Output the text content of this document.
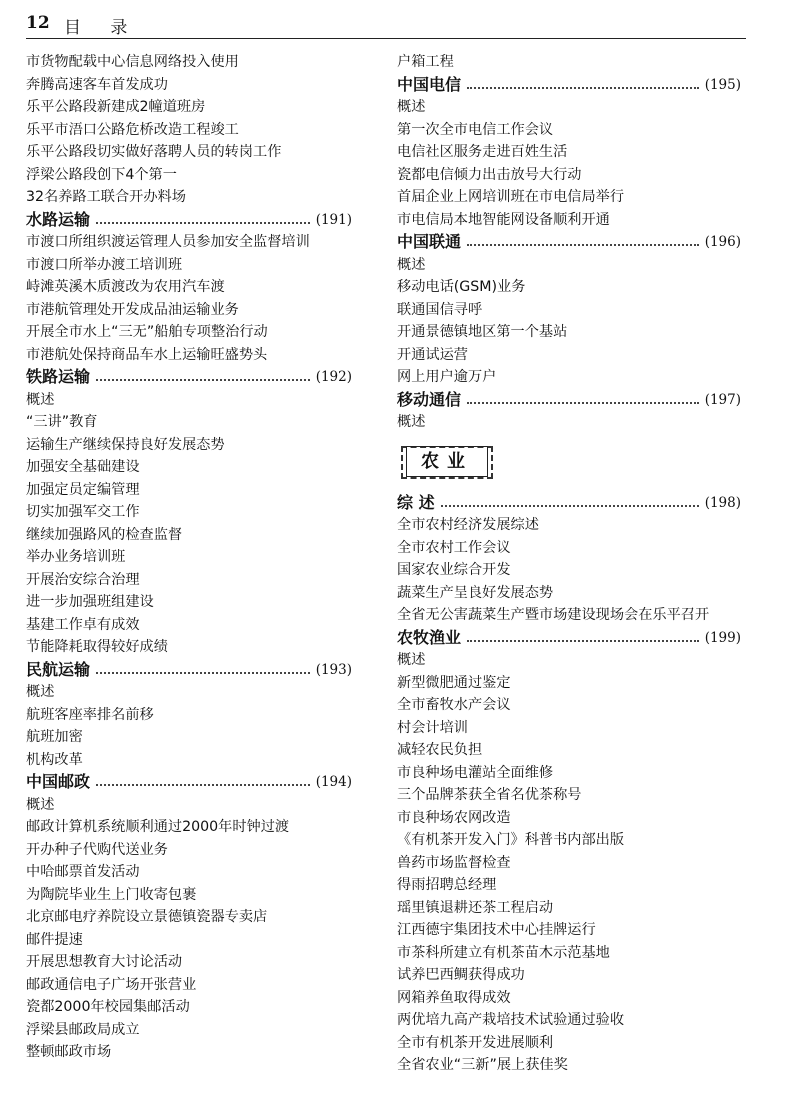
12 目 录
市货物配载中心信息网络投入使用
奔腾高速客车首发成功
乐平公路段新建成2幢道班房
乐平市浯口公路危桥改造工程竣工
乐平公路段切实做好落聘人员的转岗工作
浮梁公路段创下4个第一
32名养路工联合开办料场
水路运输	(191)
市渡口所组织渡运管理人员参加安全监督培训
市渡口所举办渡工培训班
峙滩英溪木质渡改为农用汽车渡
市港航管理处开发成品油运输业务
开展全市水上“三无”船舶专项整治行动
市港航处保持商品车水上运输旺盛势头
铁路运输	(192)
概述
“三讲”教育
运输生产继续保持良好发展态势
加强安全基础建设
加强定员定编管理
切实加强军交工作
继续加强路风的检查监督
举办业务培训班
开展治安综合治理
进一步加强班组建设
基建工作卓有成效
节能降耗取得较好成绩
民航运输	(193)
概述
航班客座率排名前移
航班加密
机构改革
中国邮政	(194)
概述
邮政计算机系统顺利通过2000年时钟过渡
开办种子代购代送业务
中哈邮票首发活动
为陶院毕业生上门收寄包裹
北京邮电疗养院设立景德镇瓷器专卖店
邮件提速
开展思想教育大讨论活动
邮政通信电子广场开张营业
瓷都2000年校园集邮活动
浮梁县邮政局成立
整顿邮政市场
户箱工程
中国电信	(195)
概述
第一次全市电信工作会议
电信社区服务走进百姓生活
瓷都电信倾力出击放号大行动
首届企业上网培训班在市电信局举行
市电信局本地智能网设备顺利开通
中国联通	(196)
概述
移动电话(GSM)业务
联通国信寻呼
开通景德镇地区第一个基站
开通试运营
网上用户逾万户
移动通信	(197)
概述
农业
综 述	(198)
全市农村经济发展综述
全市农村工作会议
国家农业综合开发
蔬菜生产呈良好发展态势
全省无公害蔬菜生产暨市场建设现场会在乐平召开
农牧渔业	(199)
概述
新型微肥通过鉴定
全市畜牧水产会议
村会计培训
减轻农民负担
市良种场电灌站全面维修
三个品牌茶获全省名优茶称号
市良种场农网改造
《有机茶开发入门》科普书内部出版
兽药市场监督检查
得雨招聘总经理
瑶里镇退耕还茶工程启动
江西德宇集团技术中心挂牌运行
市茶科所建立有机茶苗木示范基地
试养巴西鲷获得成功
网箱养鱼取得成效
两优培九高产栽培技术试验通过验收
全市有机茶开发进展顺利
全省农业“三新”展上获佳奖
